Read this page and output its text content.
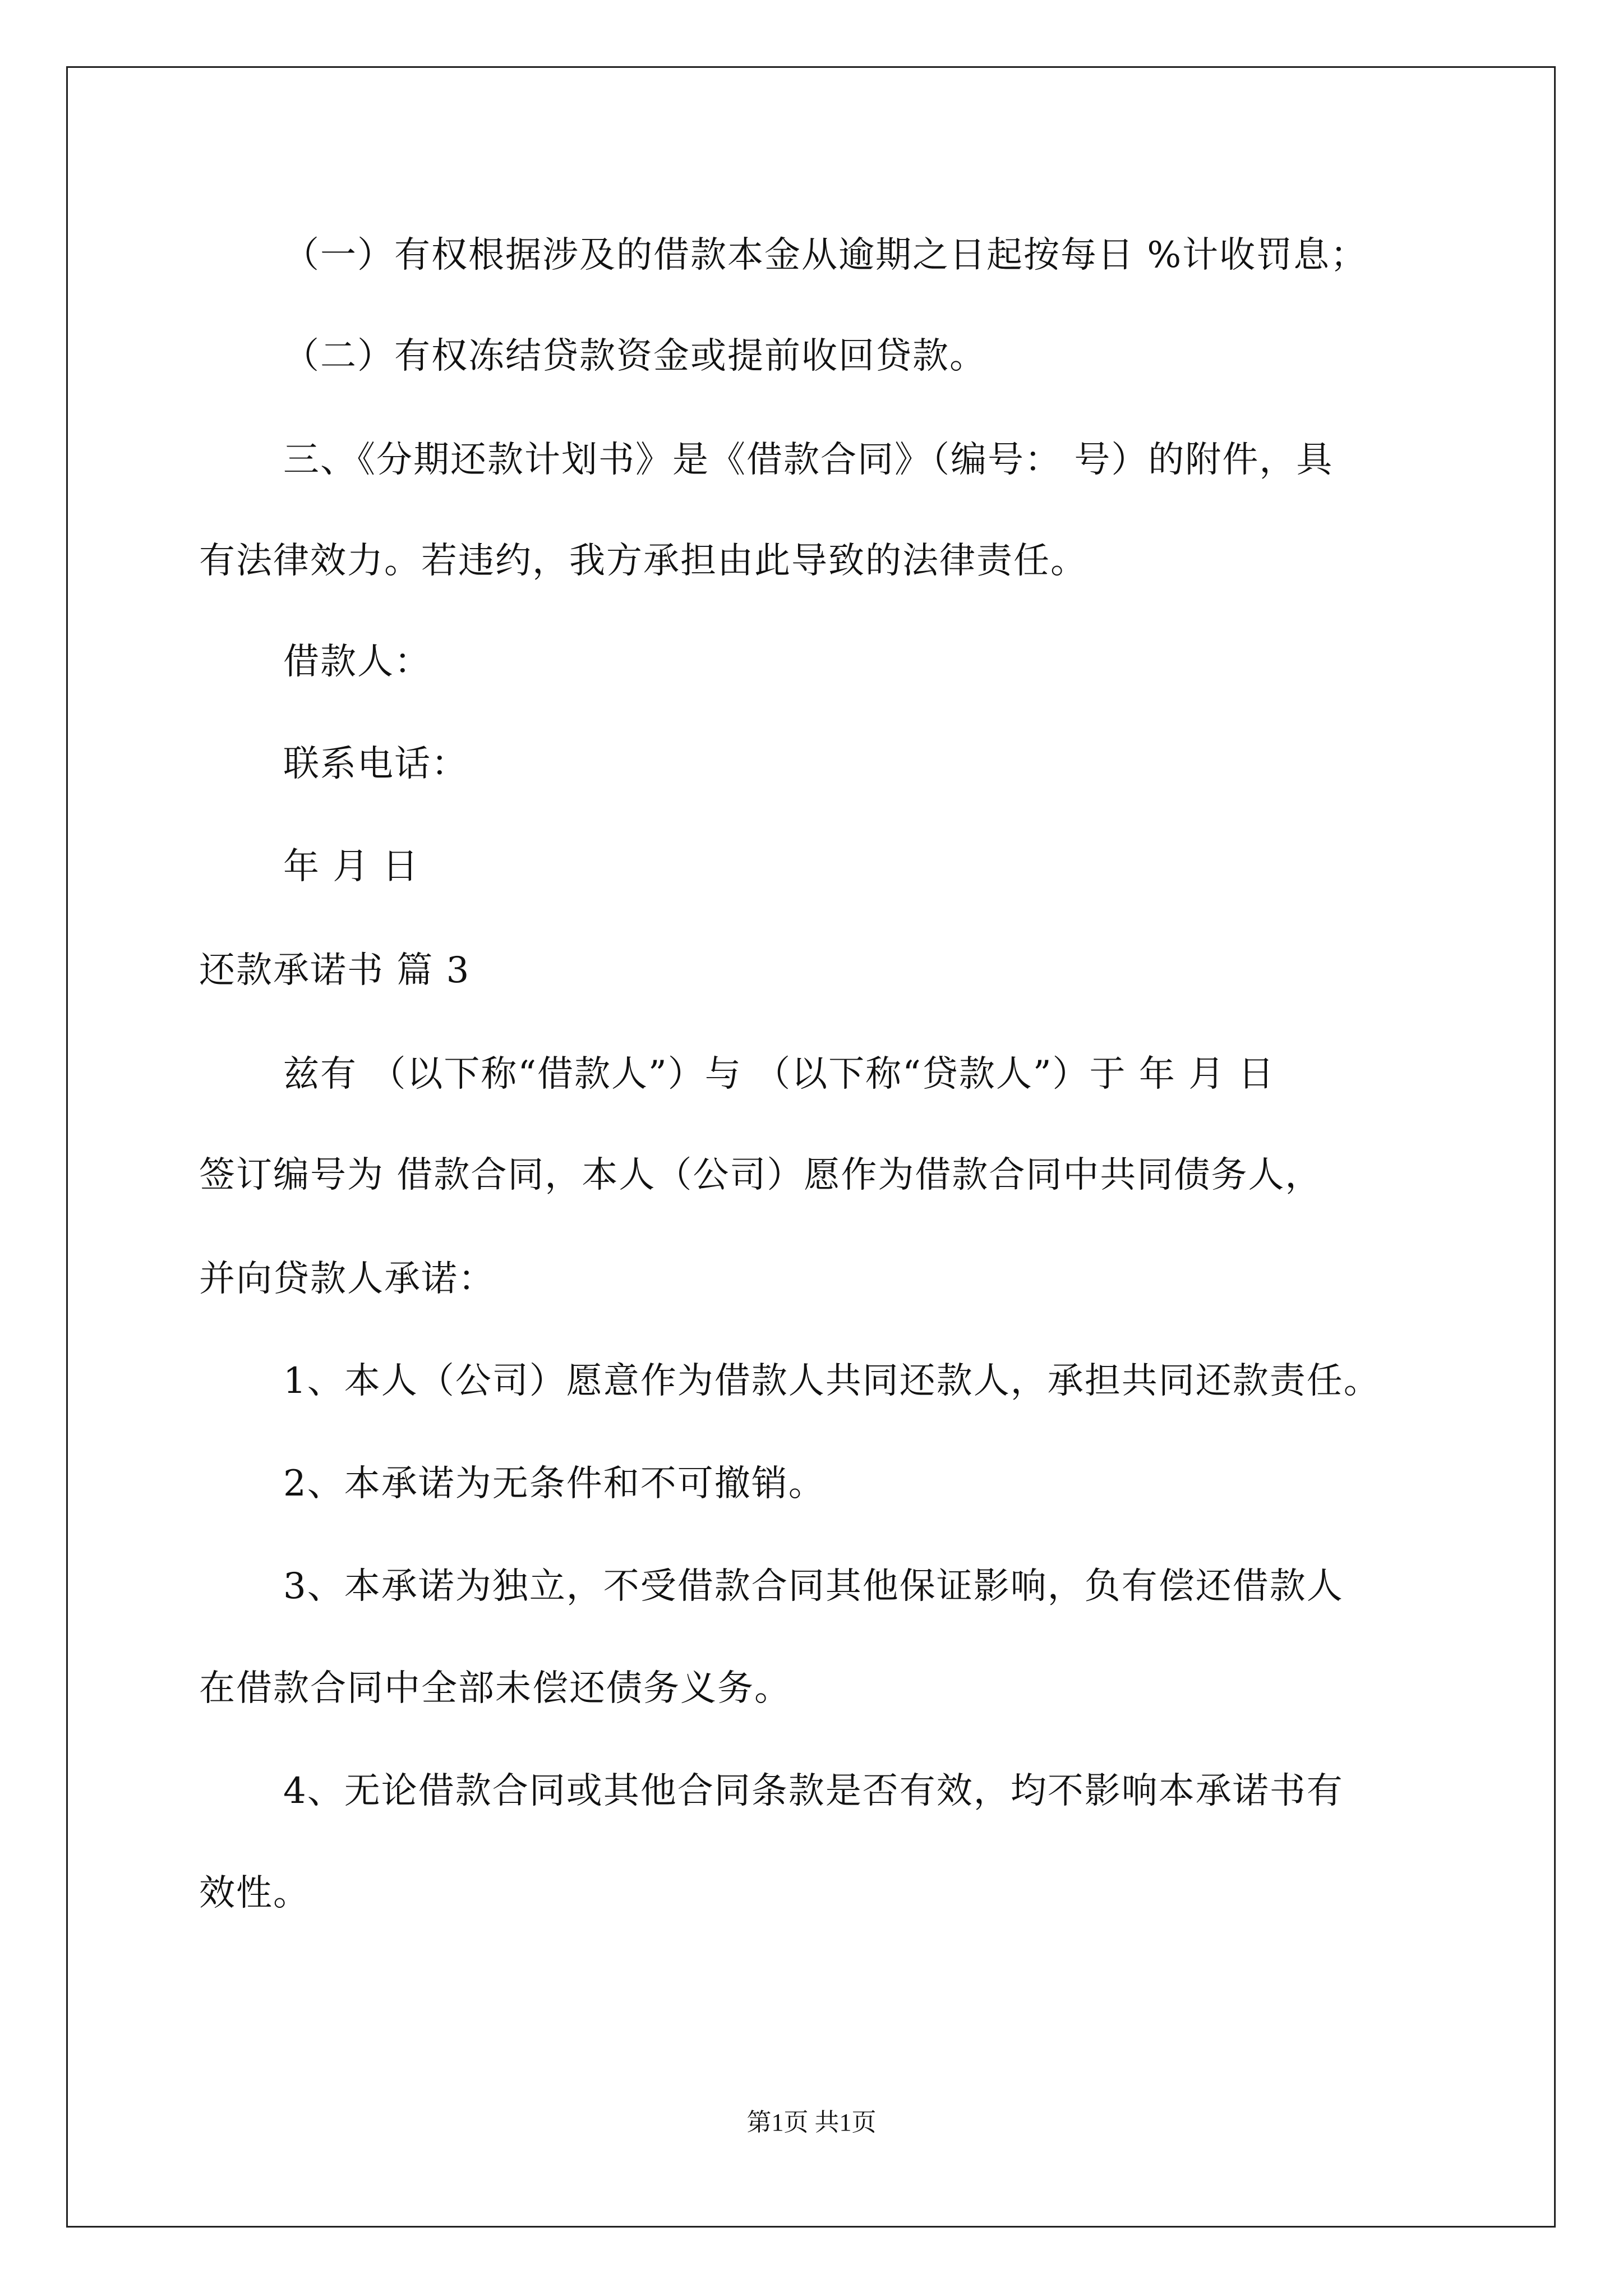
（一）有权根据涉及的借款本金从逾期之日起按每日 %计收罚息；
（二）有权冻结贷款资金或提前收回贷款。
三、《分期还款计划书》是《借款合同》（编号： 号）的附件，具
有法律效力。若违约，我方承担由此导致的法律责任。
借款人：
联系电话：
年 月 日
还款承诺书 篇 3
兹有 （以下称“借款人”）与 （以下称“贷款人”）于 年 月 日
签订编号为 借款合同，本人（公司）愿作为借款合同中共同债务人，
并向贷款人承诺：
1、本人（公司）愿意作为借款人共同还款人，承担共同还款责任。
2、本承诺为无条件和不可撤销。
3、本承诺为独立，不受借款合同其他保证影响，负有偿还借款人
在借款合同中全部未偿还债务义务。
4、无论借款合同或其他合同条款是否有效，均不影响本承诺书有
效性。
第1页 共1页
